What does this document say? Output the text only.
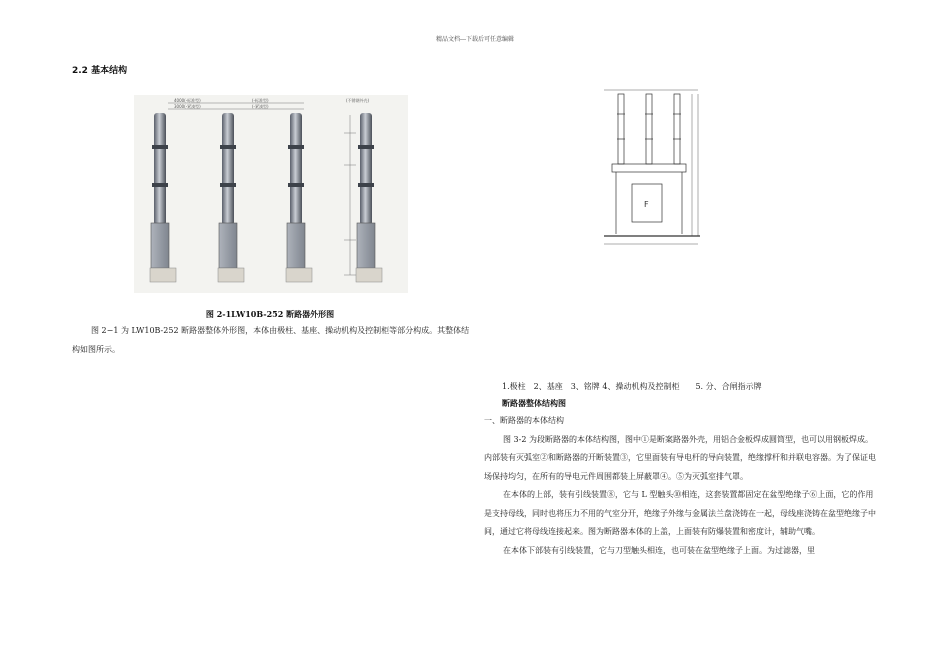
精品文档---下载后可任意编辑
2.2 基本结构
4000(-标准型)
3000(-紧凑型)
(-标准型)
(-紧凑型)
(不锈钢外壳)
F
图 2-1LW10B-252 断路器外形图
图 2−1 为 LW10B-252 断路器整体外形图，本体由极柱、基座、操动机构及控制柜等部分构成。其整体结构如图所示。
1.极柱　2、基座　3、铭牌 4、操动机构及控制柜　　5. 分、合闸指示牌
断路器整体结构图

一、断路器的本体结构

图 3-2 为段断路器的本体结构图，图中①是断案路器外壳，用铝合金板焊成圆筒型，也可以用钢板焊成。内部装有灭弧室②和断路器的开断装置③，它里面装有导电杆的导向装置，绝缘撑杆和并联电容器。为了保证电场保持均匀，在所有的导电元件周围都装上屏蔽罩④。⑤为灭弧室排气罩。

在本体的上部，装有引线装置⑧，它与 L 型触头⑩相连，这套装置都固定在盆型绝缘子⑥上面，它的作用是支持母线，同时也将压力不用的气室分开，绝缘子外缘与金属法兰盘浇铸在一起，母线座浇铸在盆型绝缘子中间，通过它将母线连接起来。图为断路器本体的上盖，上面装有防爆装置和密度计，辅助气嘴。

在本体下部装有引线装置，它与刀型触头相连，也可装在盆型绝缘子上面。为过滤器，里
